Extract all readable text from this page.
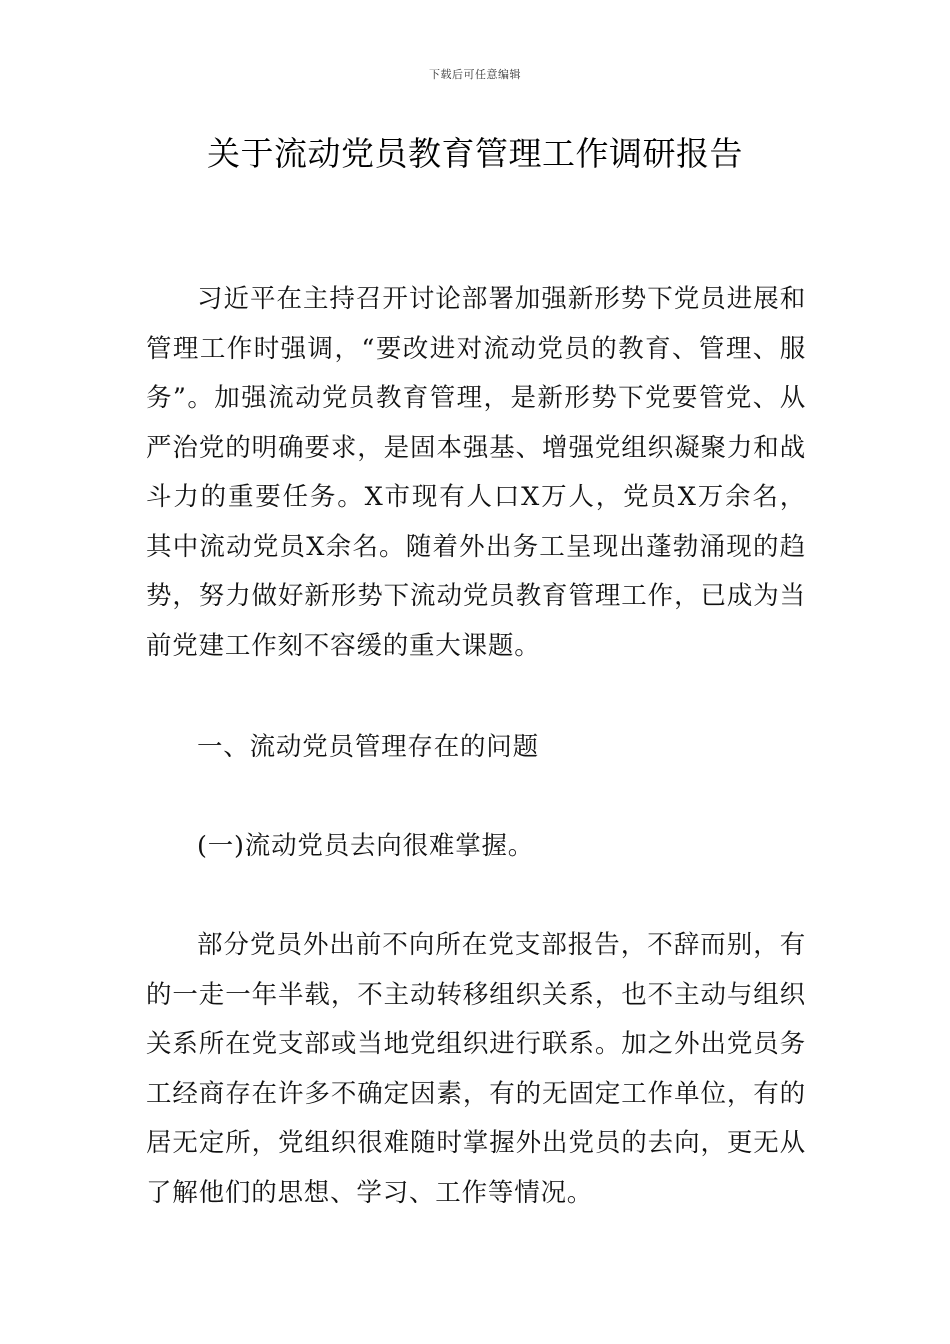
下载后可任意编辑
关于流动党员教育管理工作调研报告

习近平在主持召开讨论部署加强新形势下党员进展和管理工作时强调，“要改进对流动党员的教育、管理、服务”。加强流动党员教育管理，是新形势下党要管党、从严治党的明确要求，是固本强基、增强党组织凝聚力和战斗力的重要任务。X市现有人口X万人，党员X万余名，其中流动党员X余名。随着外出务工呈现出蓬勃涌现的趋势，努力做好新形势下流动党员教育管理工作，已成为当前党建工作刻不容缓的重大课题。

一、流动党员管理存在的问题

(一)流动党员去向很难掌握。

部分党员外出前不向所在党支部报告，不辞而别，有的一走一年半载，不主动转移组织关系，也不主动与组织关系所在党支部或当地党组织进行联系。加之外出党员务工经商存在许多不确定因素，有的无固定工作单位，有的居无定所，党组织很难随时掌握外出党员的去向，更无从了解他们的思想、学习、工作等情况。
